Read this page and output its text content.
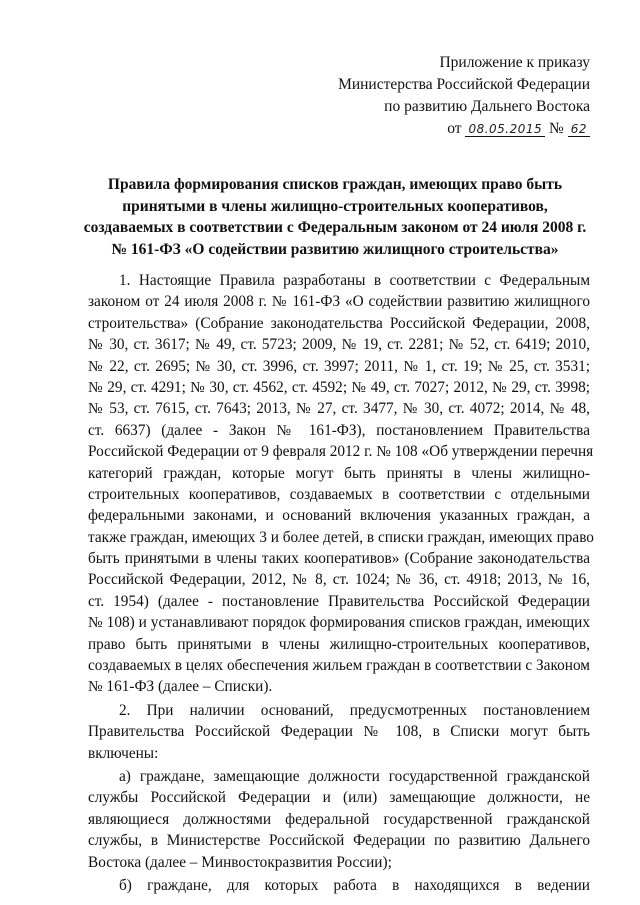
Приложение к приказу
Министерства Российской Федерации
по развитию Дальнего Востока
от 08.05.2015 № 62
Правила формирования списков граждан, имеющих право быть
принятыми в члены жилищно-строительных кооперативов,
создаваемых в соответствии с Федеральным законом от 24 июля 2008 г.
№ 161-ФЗ «О содействии развитию жилищного строительства»
1. Настоящие Правила разработаны в соответствии с Федеральным
законом от 24 июля 2008 г. № 161-ФЗ «О содействии развитию жилищного
строительства» (Собрание законодательства Российской Федерации, 2008,
№ 30, ст. 3617; № 49, ст. 5723; 2009, № 19, ст. 2281; № 52, ст. 6419; 2010,
№ 22, ст. 2695; № 30, ст. 3996, ст. 3997; 2011, № 1, ст. 19; № 25, ст. 3531;
№ 29, ст. 4291; № 30, ст. 4562, ст. 4592; № 49, ст. 7027; 2012, № 29, ст. 3998;
№ 53, ст. 7615, ст. 7643; 2013, № 27, ст. 3477, № 30, ст. 4072; 2014, № 48,
ст. 6637) (далее - Закон № 161-ФЗ), постановлением Правительства
Российской Федерации от 9 февраля 2012 г. № 108 «Об утверждении перечня
категорий граждан, которые могут быть приняты в члены жилищно-
строительных кооперативов, создаваемых в соответствии с отдельными
федеральными законами, и оснований включения указанных граждан, а
также граждан, имеющих 3 и более детей, в списки граждан, имеющих право
быть принятыми в члены таких кооперативов» (Собрание законодательства
Российской Федерации, 2012, № 8, ст. 1024; № 36, ст. 4918; 2013, № 16,
ст. 1954) (далее - постановление Правительства Российской Федерации
№ 108) и устанавливают порядок формирования списков граждан, имеющих
право быть принятыми в члены жилищно-строительных кооперативов,
создаваемых в целях обеспечения жильем граждан в соответствии с Законом
№ 161-ФЗ (далее – Списки).
2. При наличии оснований, предусмотренных постановлением
Правительства Российской Федерации № 108, в Списки могут быть
включены:
а) граждане, замещающие должности государственной гражданской
службы Российской Федерации и (или) замещающие должности, не
являющиеся должностями федеральной государственной гражданской
службы, в Министерстве Российской Федерации по развитию Дальнего
Востока (далее – Минвостокразвития России);
б) граждане, для которых работа в находящихся в ведении
